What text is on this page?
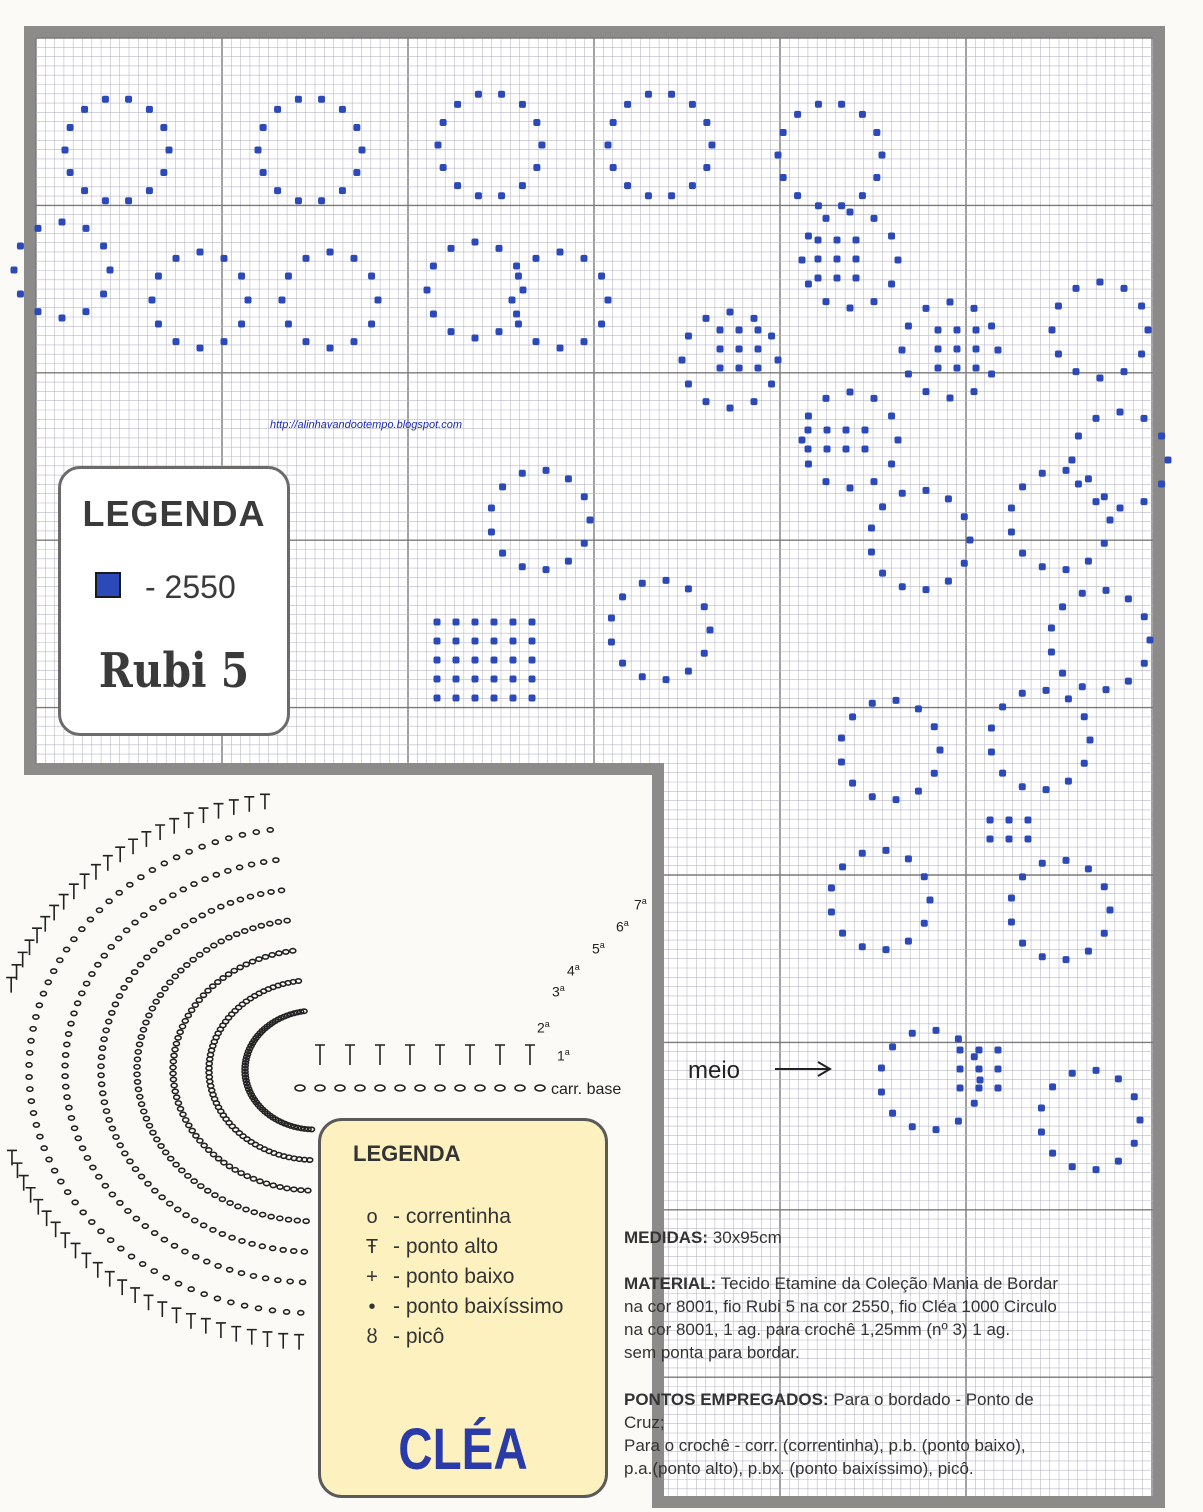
http://alinhavandootempo.blogspot.com
LEGENDA
- 2550
Rubi 5
LEGENDA
o - correntinha
Ŧ - ponto alto
+ - ponto baixo
• - ponto baixíssimo
ȣ - picô
CLÉA
7$^a$
6$^a$
5$^a$
4$^a$
3$^a$
2$^a$
1$^a$
carr. base
meio
MEDIDAS: 30x95cm
MATERIAL: Tecido Etamine da Coleção Mania de Bordar
na cor 8001, fio Rubi 5 na cor 2550, fio Cléa 1000 Circulo
na cor 8001, 1 ag. para crochê 1,25mm (nº 3) 1 ag.
sem ponta para bordar.
PONTOS EMPREGADOS: Para o bordado - Ponto de
Cruz;
Para o crochê - corr. (correntinha), p.b. (ponto baixo),
p.a.(ponto alto), p.bx. (ponto baixíssimo), picô.
